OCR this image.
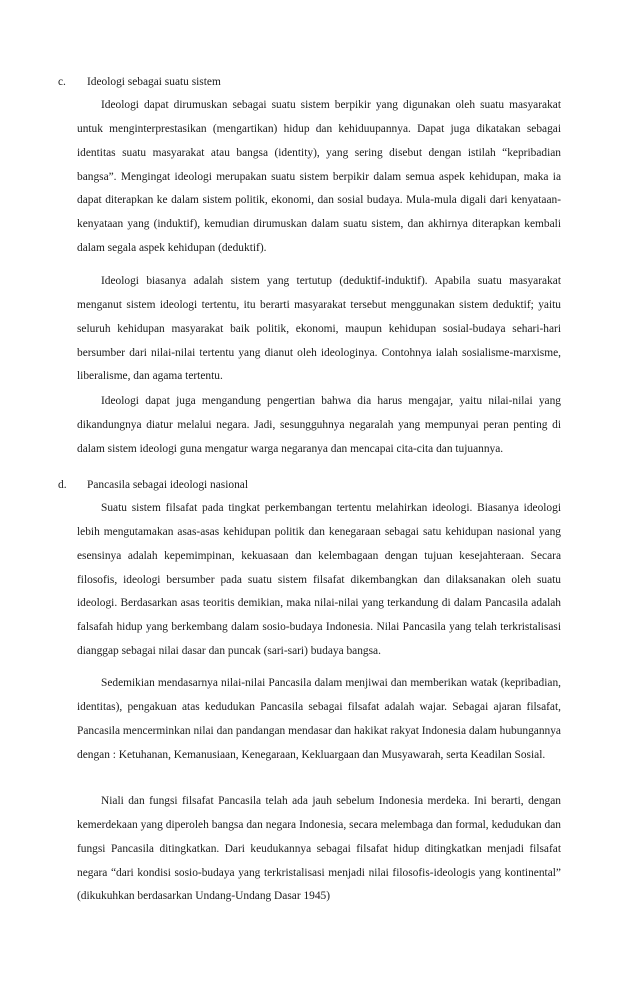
c. Ideologi sebagai suatu sistem

Ideologi dapat dirumuskan sebagai suatu sistem berpikir yang digunakan oleh suatu masyarakat untuk menginterprestasikan (mengartikan) hidup dan kehiduupannya. Dapat juga dikatakan sebagai identitas suatu masyarakat atau bangsa (identity), yang sering disebut dengan istilah “kepribadian bangsa”. Mengingat ideologi merupakan suatu sistem berpikir dalam semua aspek kehidupan, maka ia dapat diterapkan ke dalam sistem politik, ekonomi, dan sosial budaya. Mula-mula digali dari kenyataan-kenyataan yang (induktif), kemudian dirumuskan dalam suatu sistem, dan akhirnya diterapkan kembali dalam segala aspek kehidupan (deduktif).

Ideologi biasanya adalah sistem yang tertutup (deduktif-induktif). Apabila suatu masyarakat menganut sistem ideologi tertentu, itu berarti masyarakat tersebut menggunakan sistem deduktif; yaitu seluruh kehidupan masyarakat baik politik, ekonomi, maupun kehidupan sosial-budaya sehari-hari bersumber dari nilai-nilai tertentu yang dianut oleh ideologinya. Contohnya ialah sosialisme-marxisme, liberalisme, dan agama tertentu.

Ideologi dapat juga mengandung pengertian bahwa dia harus mengajar, yaitu nilai-nilai yang dikandungnya diatur melalui negara. Jadi, sesungguhnya negaralah yang mempunyai peran penting di dalam sistem ideologi guna mengatur warga negaranya dan mencapai cita-cita dan tujuannya.

d. Pancasila sebagai ideologi nasional

Suatu sistem filsafat pada tingkat perkembangan tertentu melahirkan ideologi. Biasanya ideologi lebih mengutamakan asas-asas kehidupan politik dan kenegaraan sebagai satu kehidupan nasional yang esensinya adalah kepemimpinan, kekuasaan dan kelembagaan dengan tujuan kesejahteraan. Secara filosofis, ideologi bersumber pada suatu sistem filsafat dikembangkan dan dilaksanakan oleh suatu ideologi. Berdasarkan asas teoritis demikian, maka nilai-nilai yang terkandung di dalam Pancasila adalah falsafah hidup yang berkembang dalam sosio-budaya Indonesia. Nilai Pancasila yang telah terkristalisasi dianggap sebagai nilai dasar dan puncak (sari-sari) budaya bangsa.

Sedemikian mendasarnya nilai-nilai Pancasila dalam menjiwai dan memberikan watak (kepribadian, identitas), pengakuan atas kedudukan Pancasila sebagai filsafat adalah wajar. Sebagai ajaran filsafat, Pancasila mencerminkan nilai dan pandangan mendasar dan hakikat rakyat Indonesia dalam hubungannya dengan : Ketuhanan, Kemanusiaan, Kenegaraan, Kekluargaan dan Musyawarah, serta Keadilan Sosial.

Niali dan fungsi filsafat Pancasila telah ada jauh sebelum Indonesia merdeka. Ini berarti, dengan kemerdekaan yang diperoleh bangsa dan negara Indonesia, secara melembaga dan formal, kedudukan dan fungsi Pancasila ditingkatkan. Dari keudukannya sebagai filsafat hidup ditingkatkan menjadi filsafat negara “dari kondisi sosio-budaya yang terkristalisasi menjadi nilai filosofis-ideologis yang kontinental” (dikukuhkan berdasarkan Undang-Undang Dasar 1945)
